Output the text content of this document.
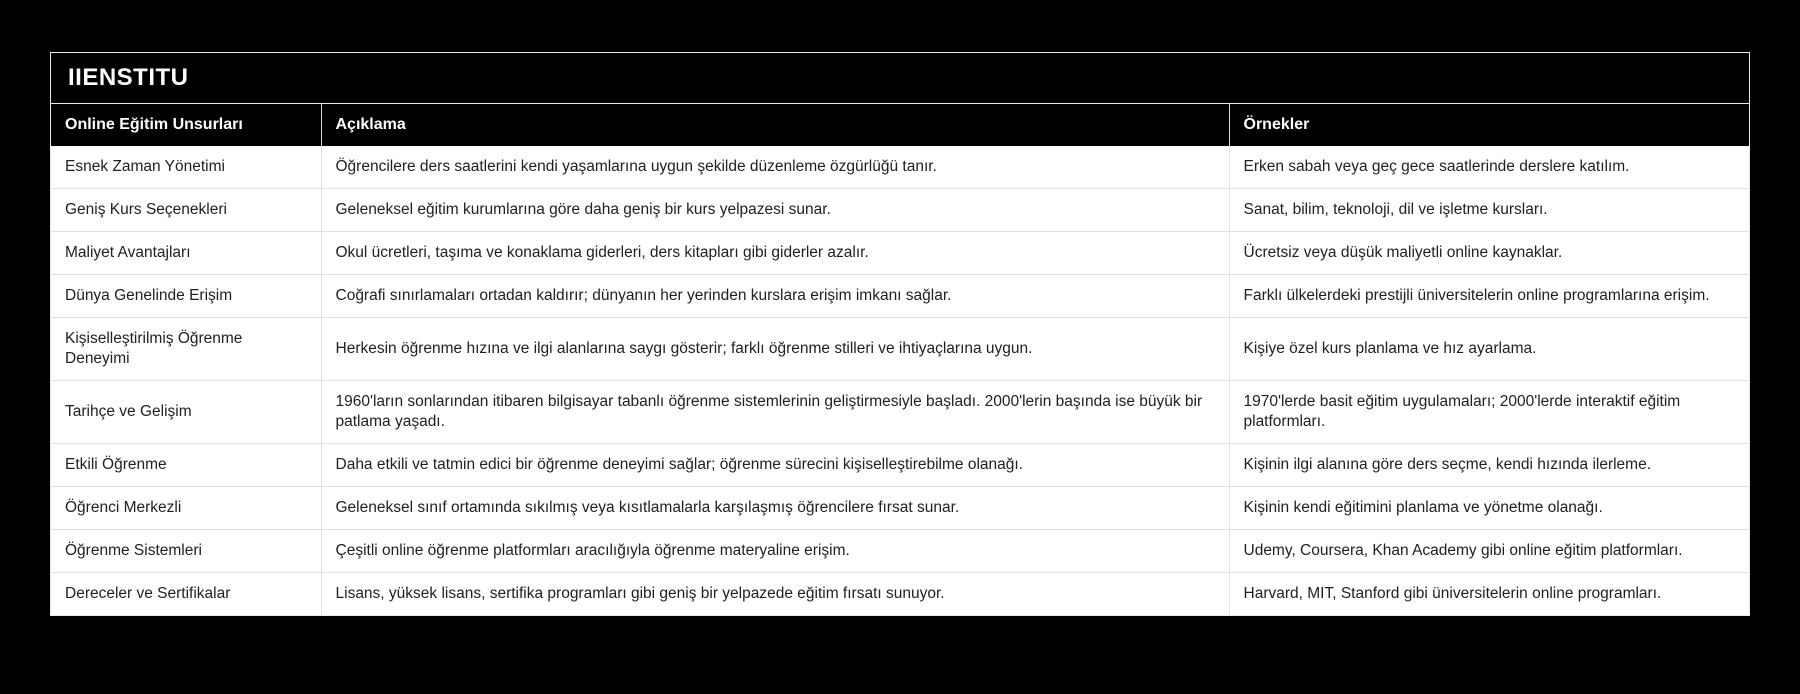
IIENSTITU
Online Eğitim Unsurları	Açıklama	Örnekler
Esnek Zaman Yönetimi	Öğrencilere ders saatlerini kendi yaşamlarına uygun şekilde düzenleme özgürlüğü tanır.	Erken sabah veya geç gece saatlerinde derslere katılım.
Geniş Kurs Seçenekleri	Geleneksel eğitim kurumlarına göre daha geniş bir kurs yelpazesi sunar.	Sanat, bilim, teknoloji, dil ve işletme kursları.
Maliyet Avantajları	Okul ücretleri, taşıma ve konaklama giderleri, ders kitapları gibi giderler azalır.	Ücretsiz veya düşük maliyetli online kaynaklar.
Dünya Genelinde Erişim	Coğrafi sınırlamaları ortadan kaldırır; dünyanın her yerinden kurslara erişim imkanı sağlar.	Farklı ülkelerdeki prestijli üniversitelerin online programlarına erişim.
Kişiselleştirilmiş Öğrenme Deneyimi	Herkesin öğrenme hızına ve ilgi alanlarına saygı gösterir; farklı öğrenme stilleri ve ihtiyaçlarına uygun.	Kişiye özel kurs planlama ve hız ayarlama.
Tarihçe ve Gelişim	1960'ların sonlarından itibaren bilgisayar tabanlı öğrenme sistemlerinin geliştirmesiyle başladı. 2000'lerin başında ise büyük bir patlama yaşadı.	1970'lerde basit eğitim uygulamaları; 2000'lerde interaktif eğitim platformları.
Etkili Öğrenme	Daha etkili ve tatmin edici bir öğrenme deneyimi sağlar; öğrenme sürecini kişiselleştirebilme olanağı.	Kişinin ilgi alanına göre ders seçme, kendi hızında ilerleme.
Öğrenci Merkezli	Geleneksel sınıf ortamında sıkılmış veya kısıtlamalarla karşılaşmış öğrencilere fırsat sunar.	Kişinin kendi eğitimini planlama ve yönetme olanağı.
Öğrenme Sistemleri	Çeşitli online öğrenme platformları aracılığıyla öğrenme materyaline erişim.	Udemy, Coursera, Khan Academy gibi online eğitim platformları.
Dereceler ve Sertifikalar	Lisans, yüksek lisans, sertifika programları gibi geniş bir yelpazede eğitim fırsatı sunuyor.	Harvard, MIT, Stanford gibi üniversitelerin online programları.
